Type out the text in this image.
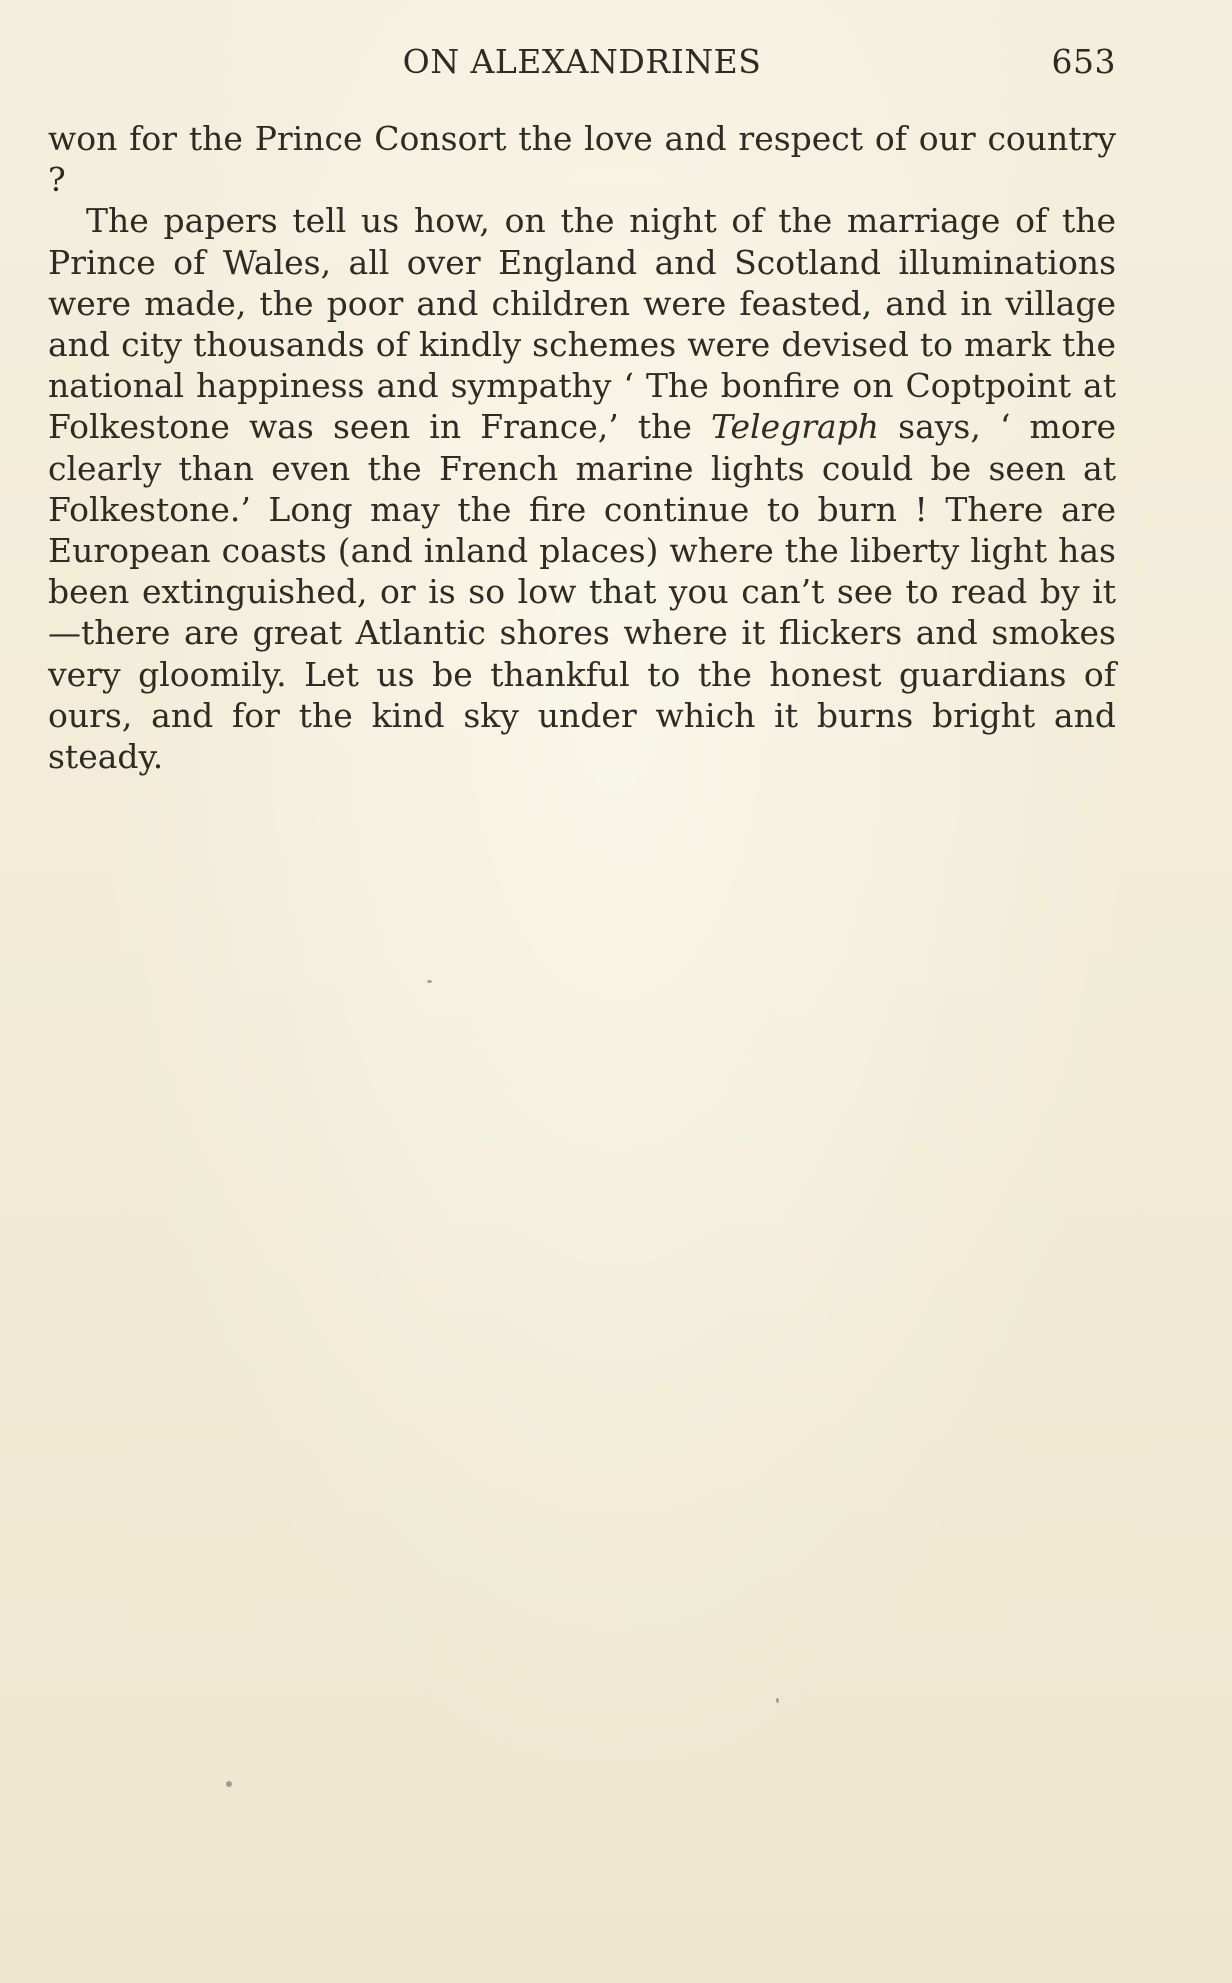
ON ALEXANDRINES	653

won for the Prince Consort the love and respect of our country ?

The papers tell us how, on the night of the marriage of the Prince of Wales, all over England and Scotland illuminations were made, the poor and children were feasted, and in village and city thousands of kindly schemes were devised to mark the national happiness and sympathy ‘ The bonfire on Coptpoint at Folkestone was seen in France,’ the Telegraph says, ‘ more clearly than even the French marine lights could be seen at Folkestone.’ Long may the fire continue to burn ! There are European coasts (and inland places) where the liberty light has been extinguished, or is so low that you can’t see to read by it—there are great Atlantic shores where it flickers and smokes very gloomily. Let us be thankful to the honest guardians of ours, and for the kind sky under which it burns bright and steady.
